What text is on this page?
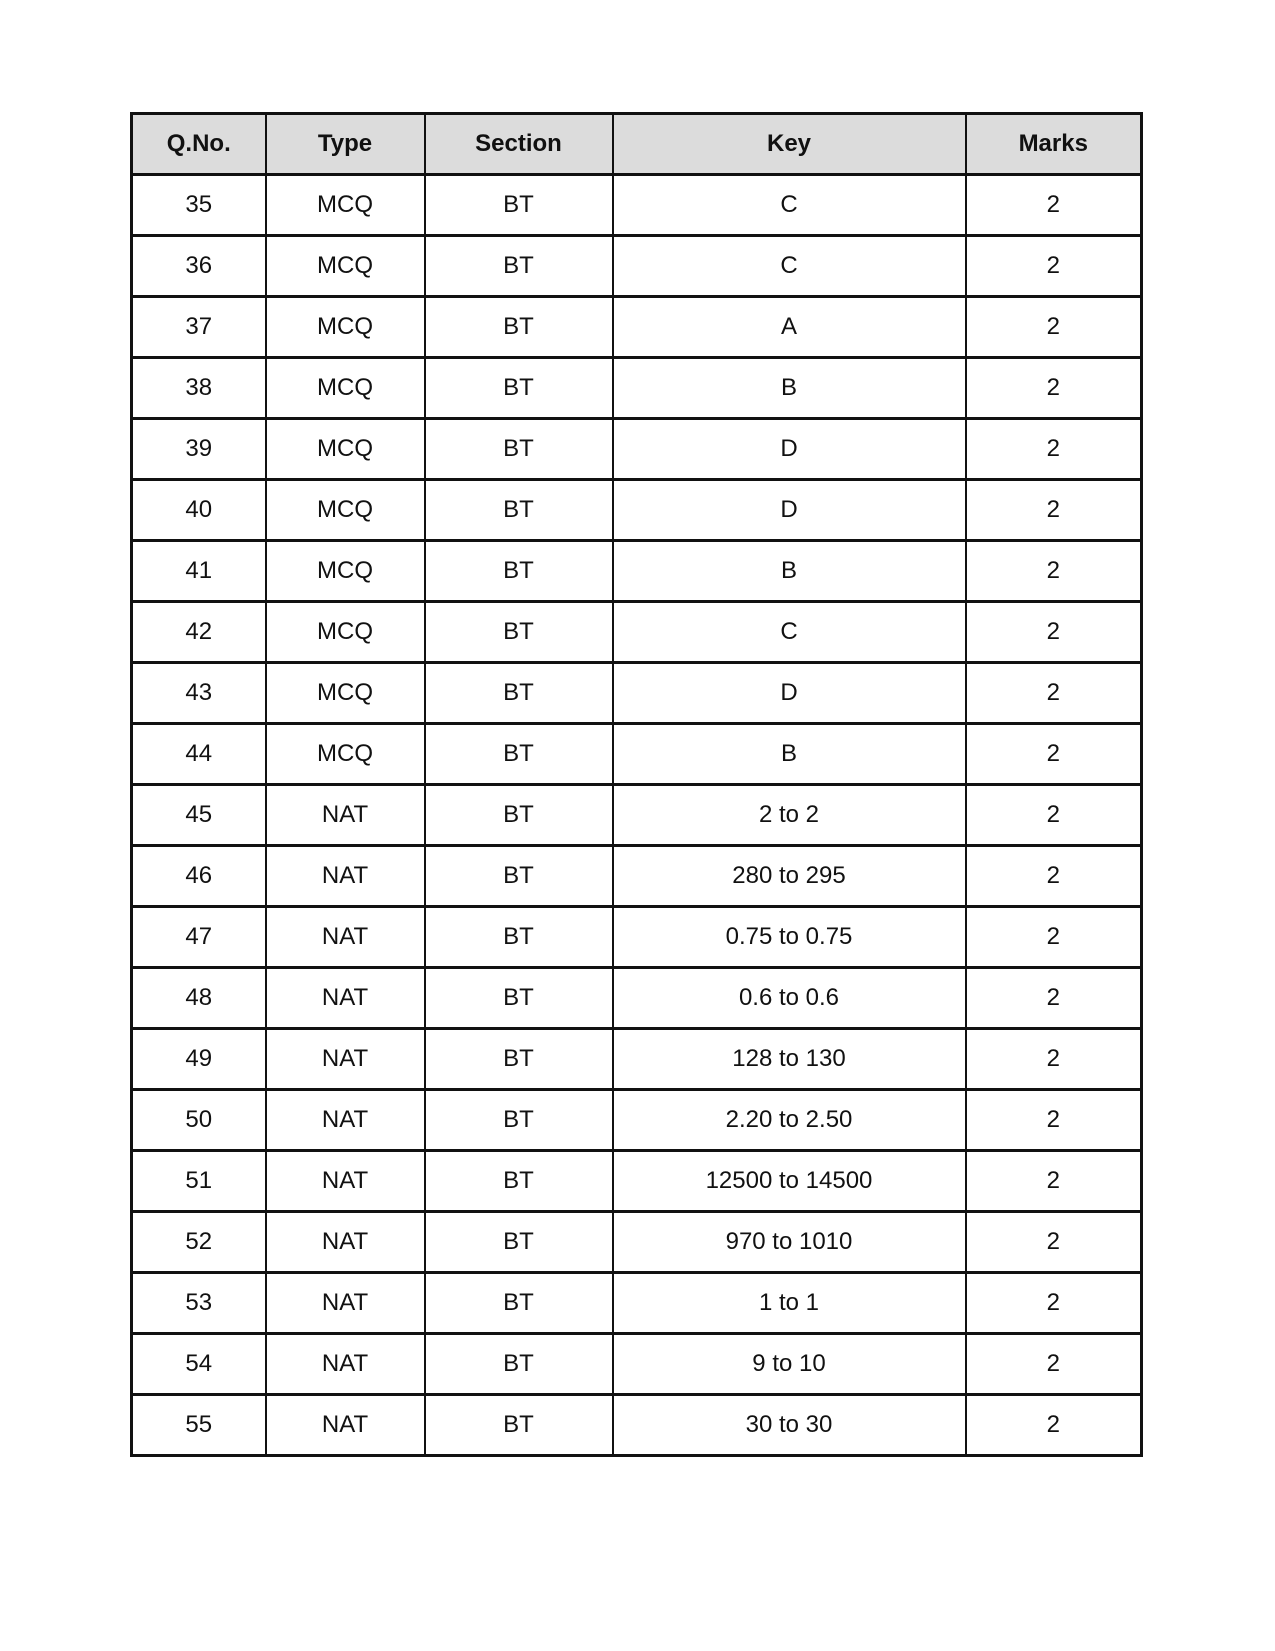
Q.No.	Type	Section	Key	Marks
35	MCQ	BT	C	2
36	MCQ	BT	C	2
37	MCQ	BT	A	2
38	MCQ	BT	B	2
39	MCQ	BT	D	2
40	MCQ	BT	D	2
41	MCQ	BT	B	2
42	MCQ	BT	C	2
43	MCQ	BT	D	2
44	MCQ	BT	B	2
45	NAT	BT	2 to 2	2
46	NAT	BT	280 to 295	2
47	NAT	BT	0.75 to 0.75	2
48	NAT	BT	0.6 to 0.6	2
49	NAT	BT	128 to 130	2
50	NAT	BT	2.20 to 2.50	2
51	NAT	BT	12500 to 14500	2
52	NAT	BT	970 to 1010	2
53	NAT	BT	1 to 1	2
54	NAT	BT	9 to 10	2
55	NAT	BT	30 to 30	2
